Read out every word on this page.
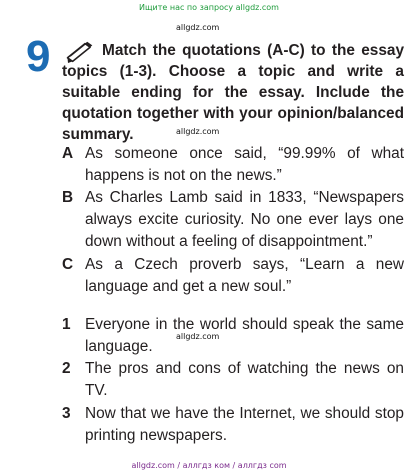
Ищите нас по запросу allgdz.com
allgdz.com
9	Match the quotations (A-C) to the essay topics (1-3). Choose a topic and write a suitable ending for the essay. Include the quotation together with your opinion/balanced summary.	allgdz.com
A As someone once said, “99.99% of what happens is not on the news.”
B As Charles Lamb said in 1833, “Newspapers always excite curiosity. No one ever lays one down without a feeling of disappointment.”
C As a Czech proverb says, “Learn a new language and get a new soul.”
1 Everyone in the world should speak the same language.
allgdz.com
2 The pros and cons of watching the news on TV.
3 Now that we have the Internet, we should stop printing newspapers.
allgdz.com / аллгдз ком / аллгдз com
